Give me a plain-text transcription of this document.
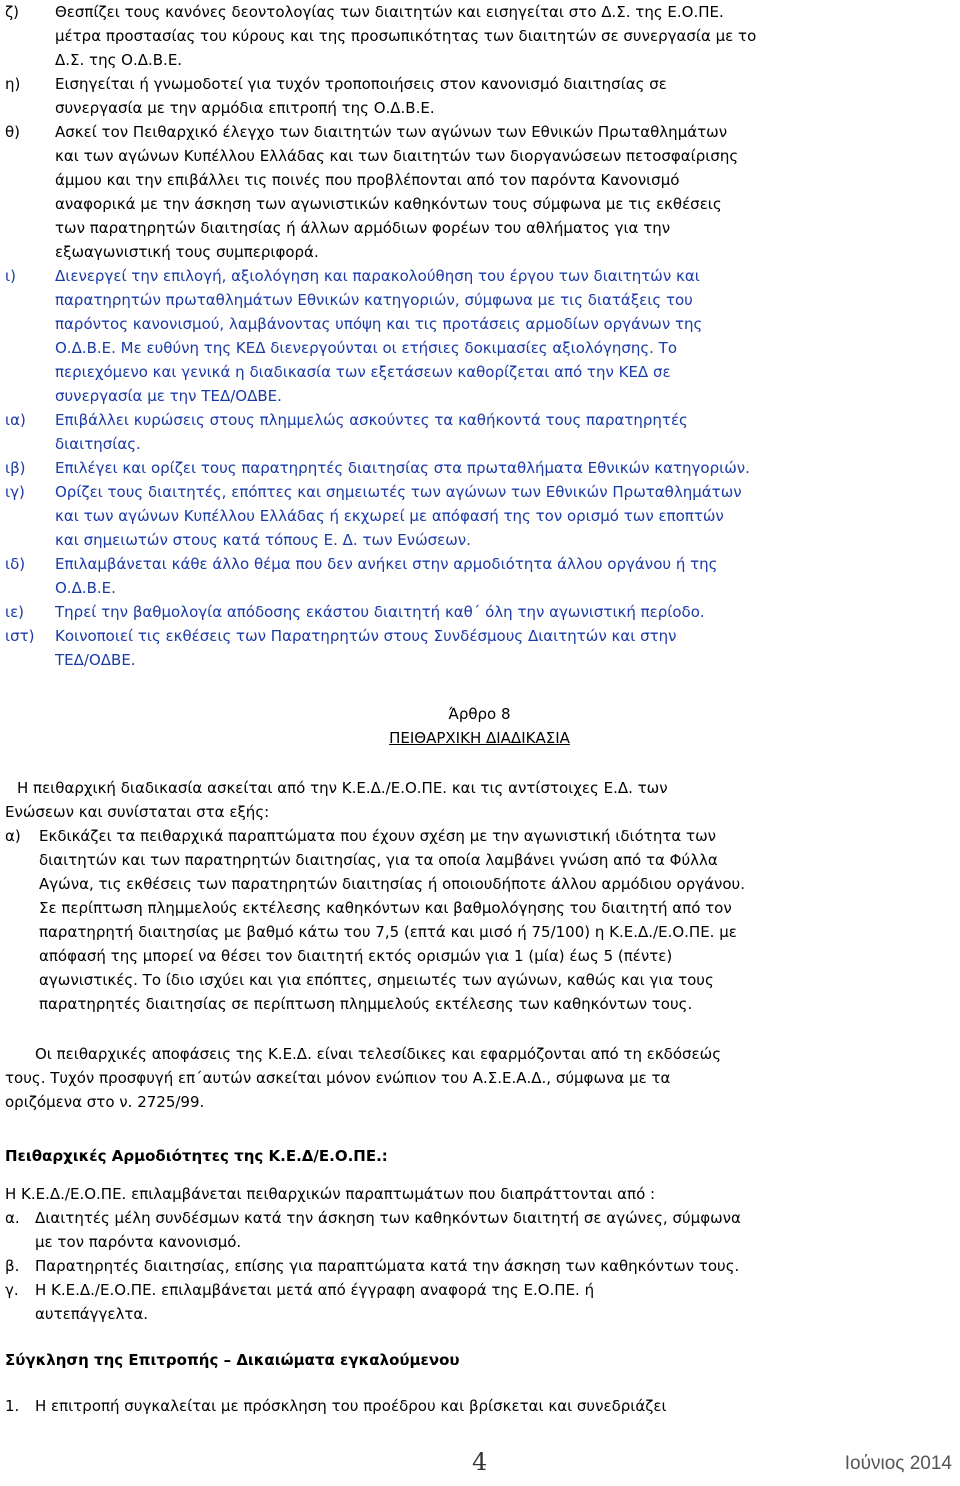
ζ)	Θεσπίζει τους κανόνες δεοντολογίας των διαιτητών και εισηγείται στο Δ.Σ. της Ε.Ο.ΠΕ.
μέτρα προστασίας του κύρους και της προσωπικότητας των διαιτητών σε συνεργασία με το
Δ.Σ. της Ο.Δ.Β.Ε.
η)	Εισηγείται ή γνωμοδοτεί για τυχόν τροποποιήσεις στον κανονισμό διαιτησίας σε
συνεργασία με την αρμόδια επιτροπή της Ο.Δ.Β.Ε.
θ)	Ασκεί τον Πειθαρχικό έλεγχο των διαιτητών των αγώνων των Εθνικών Πρωταθλημάτων
και των αγώνων Κυπέλλου Ελλάδας και των διαιτητών των διοργανώσεων πετοσφαίρισης
άμμου και την επιβάλλει τις ποινές που προβλέπονται από τον παρόντα Κανονισμό
αναφορικά με την άσκηση των αγωνιστικών καθηκόντων τους σύμφωνα με τις εκθέσεις
των παρατηρητών διαιτησίας ή άλλων αρμόδιων φορέων του αθλήματος για την
εξωαγωνιστική τους συμπεριφορά.
ι)	Διενεργεί την επιλογή, αξιολόγηση και παρακολούθηση του έργου των διαιτητών και
παρατηρητών πρωταθλημάτων Εθνικών κατηγοριών, σύμφωνα με τις διατάξεις του
παρόντος κανονισμού, λαμβάνοντας υπόψη και τις προτάσεις αρμοδίων οργάνων της
Ο.Δ.Β.Ε. Με ευθύνη της ΚΕΔ διενεργούνται οι ετήσιες δοκιμασίες αξιολόγησης. Το
περιεχόμενο και γενικά η διαδικασία των εξετάσεων καθορίζεται από την ΚΕΔ σε
συνεργασία με την ΤΕΔ/ΟΔΒΕ.
ια)	Επιβάλλει κυρώσεις στους πλημμελώς ασκούντες τα καθήκοντά τους παρατηρητές
διαιτησίας.
ιβ)	Επιλέγει και ορίζει τους παρατηρητές διαιτησίας στα πρωταθλήματα Εθνικών κατηγοριών.
ιγ)	Ορίζει τους διαιτητές, επόπτες και σημειωτές των αγώνων των Εθνικών Πρωταθλημάτων
και των αγώνων Κυπέλλου Ελλάδας ή εκχωρεί με απόφασή της τον ορισμό των εποπτών
και σημειωτών στους κατά τόπους Ε. Δ. των Ενώσεων.
ιδ)	Επιλαμβάνεται κάθε άλλο θέμα που δεν ανήκει στην αρμοδιότητα άλλου οργάνου ή της
Ο.Δ.Β.Ε.
ιε)	Τηρεί την βαθμολογία απόδοσης εκάστου διαιτητή καθ΄ όλη την αγωνιστική περίοδο.
ιστ)	Κοινοποιεί τις εκθέσεις των Παρατηρητών στους Συνδέσμους Διαιτητών και στην
ΤΕΔ/ΟΔΒΕ.
Άρθρο 8
ΠΕΙΘΑΡΧΙΚΗ ΔΙΑΔΙΚΑΣΙΑ
Η πειθαρχική διαδικασία ασκείται από την Κ.Ε.Δ./Ε.Ο.ΠΕ. και τις αντίστοιχες Ε.Δ. των
Ενώσεων και συνίσταται στα εξής:
α)	Εκδικάζει τα πειθαρχικά παραπτώματα που έχουν σχέση με την αγωνιστική ιδιότητα των
διαιτητών και των παρατηρητών διαιτησίας, για τα οποία λαμβάνει γνώση από τα Φύλλα
Αγώνα, τις εκθέσεις των παρατηρητών διαιτησίας ή οποιουδήποτε άλλου αρμόδιου οργάνου.
Σε περίπτωση πλημμελούς εκτέλεσης καθηκόντων και βαθμολόγησης του διαιτητή από τον
παρατηρητή διαιτησίας με βαθμό κάτω του 7,5 (επτά και μισό ή 75/100) η Κ.Ε.Δ./Ε.Ο.ΠΕ. με
απόφασή της μπορεί να θέσει τον διαιτητή εκτός ορισμών για 1 (μία) έως 5 (πέντε)
αγωνιστικές. Το ίδιο ισχύει και για επόπτες, σημειωτές των αγώνων, καθώς και για τους
παρατηρητές διαιτησίας σε περίπτωση πλημμελούς εκτέλεσης των καθηκόντων τους.
Οι πειθαρχικές αποφάσεις της Κ.Ε.Δ. είναι τελεσίδικες και εφαρμόζονται από τη εκδόσεώς
τους. Τυχόν προσφυγή επ΄αυτών ασκείται μόνον ενώπιον του Α.Σ.Ε.Α.Δ., σύμφωνα με τα
οριζόμενα στο ν. 2725/99.
Πειθαρχικές Αρμοδιότητες της Κ.Ε.Δ/Ε.Ο.ΠΕ.:
Η Κ.Ε.Δ./Ε.Ο.ΠΕ. επιλαμβάνεται πειθαρχικών παραπτωμάτων που διαπράττονται από :
α.	Διαιτητές μέλη συνδέσμων κατά την άσκηση των καθηκόντων διαιτητή σε αγώνες, σύμφωνα
με τον παρόντα κανονισμό.
β.	Παρατηρητές διαιτησίας, επίσης για παραπτώματα κατά την άσκηση των καθηκόντων τους.
γ.	Η Κ.Ε.Δ./Ε.Ο.ΠΕ. επιλαμβάνεται μετά από έγγραφη αναφορά της Ε.Ο.ΠΕ. ή
αυτεπάγγελτα.
Σύγκληση της Επιτροπής – Δικαιώματα εγκαλούμενου
1.	Η επιτροπή συγκαλείται με πρόσκληση του προέδρου και βρίσκεται και συνεδριάζει
4	Ιούνιος 2014
